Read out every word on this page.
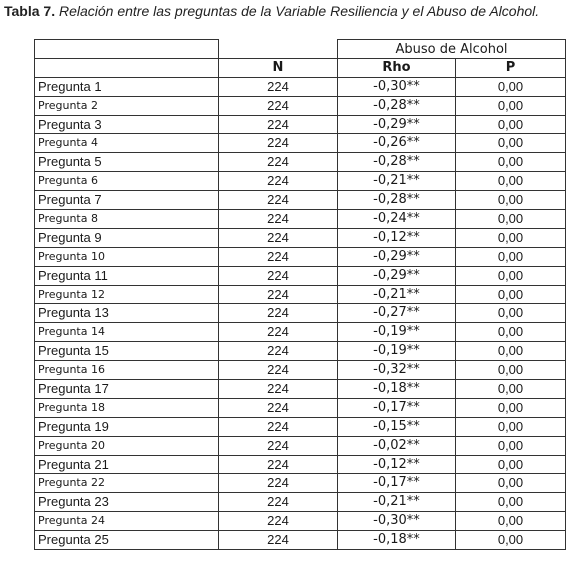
Tabla 7. Relación entre las preguntas de la Variable Resiliencia y el Abuso de Alcohol.
		Abuso de Alcohol	
	N	Rho	P
Pregunta 1	224	-0,30**	0,00
Pregunta 2	224	-0,28**	0,00
Pregunta 3	224	-0,29**	0,00
Pregunta 4	224	-0,26**	0,00
Pregunta 5	224	-0,28**	0,00
Pregunta 6	224	-0,21**	0,00
Pregunta 7	224	-0,28**	0,00
Pregunta 8	224	-0,24**	0,00
Pregunta 9	224	-0,12**	0,00
Pregunta 10	224	-0,29**	0,00
Pregunta 11	224	-0,29**	0,00
Pregunta 12	224	-0,21**	0,00
Pregunta 13	224	-0,27**	0,00
Pregunta 14	224	-0,19**	0,00
Pregunta 15	224	-0,19**	0,00
Pregunta 16	224	-0,32**	0,00
Pregunta 17	224	-0,18**	0,00
Pregunta 18	224	-0,17**	0,00
Pregunta 19	224	-0,15**	0,00
Pregunta 20	224	-0,02**	0,00
Pregunta 21	224	-0,12**	0,00
Pregunta 22	224	-0,17**	0,00
Pregunta 23	224	-0,21**	0,00
Pregunta 24	224	-0,30**	0,00
Pregunta 25	224	-0,18**	0,00
